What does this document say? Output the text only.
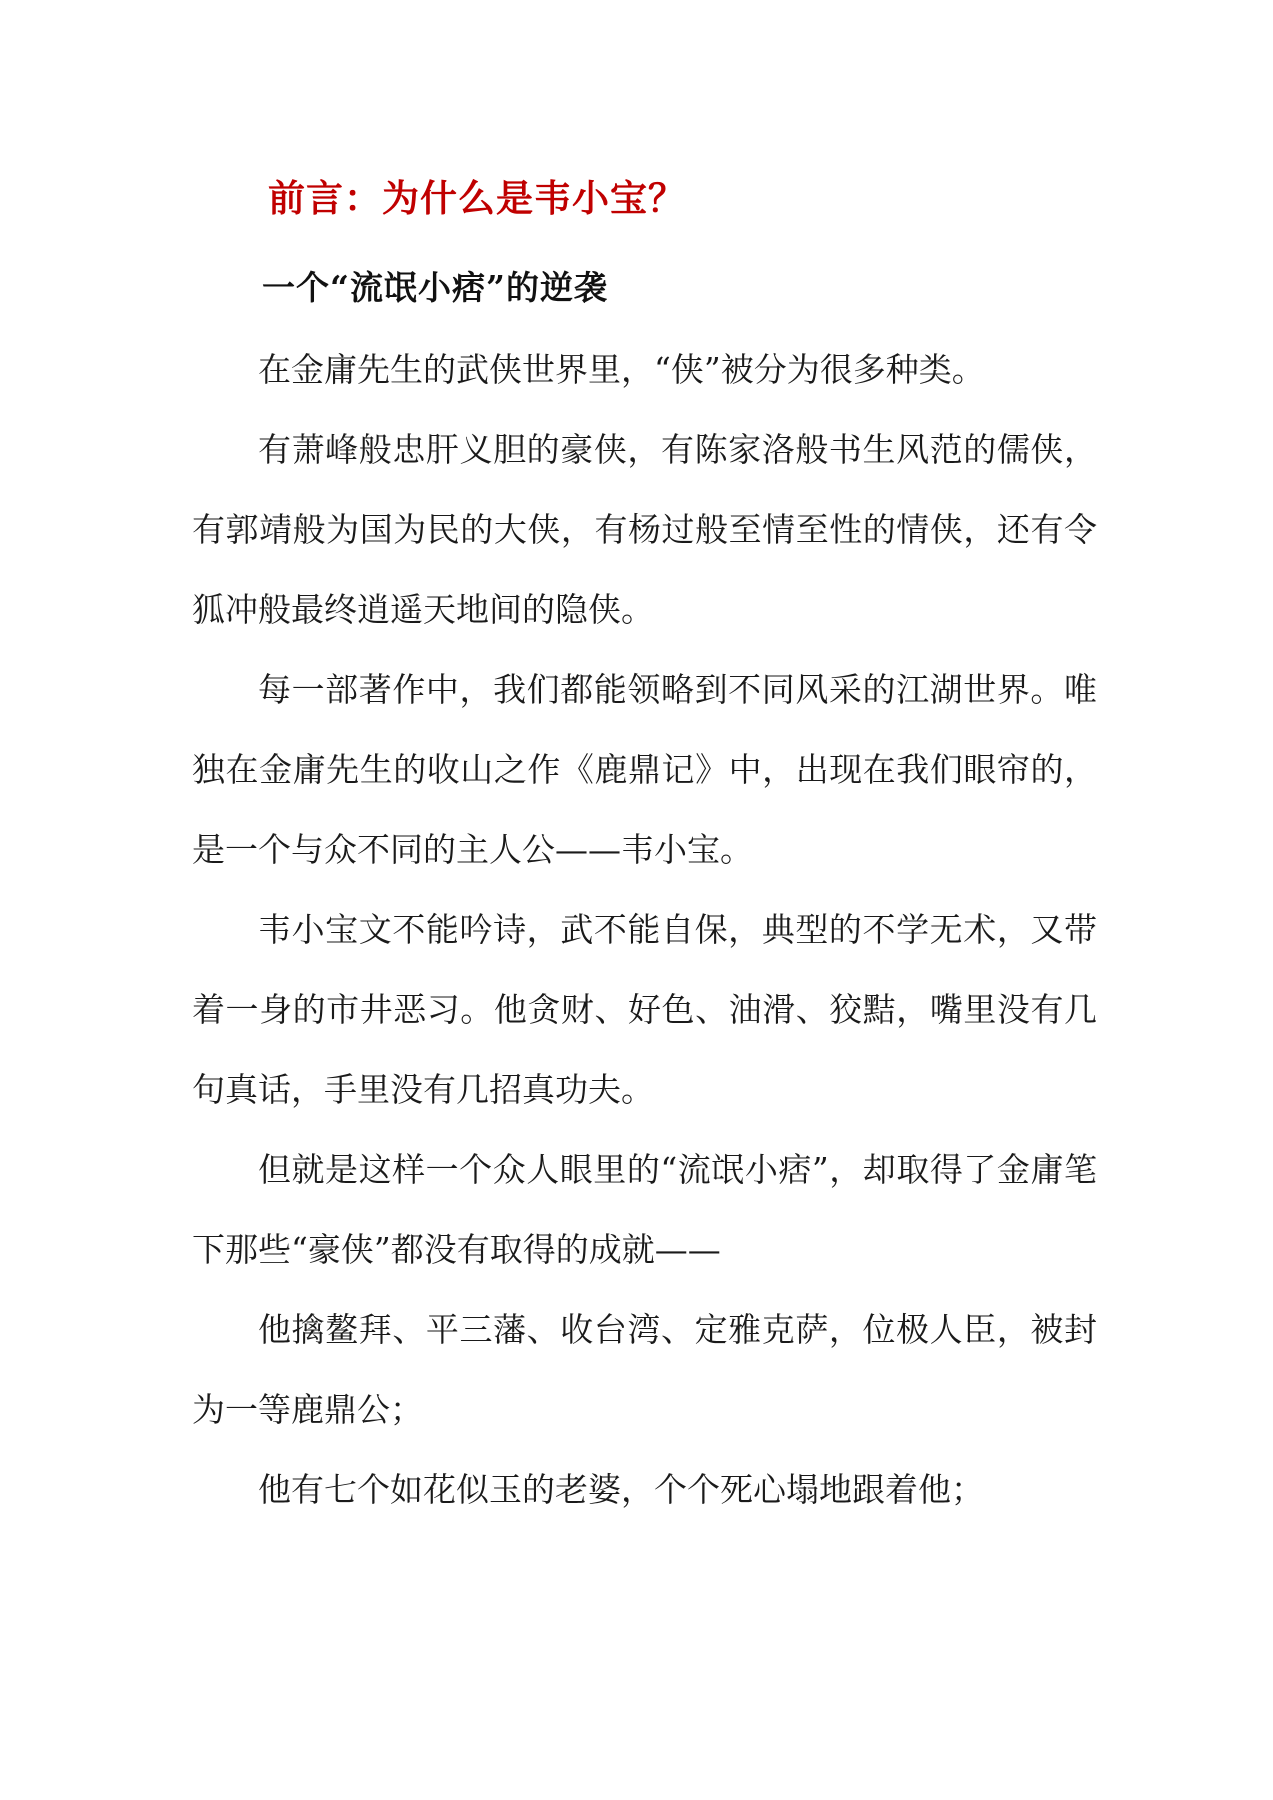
前言：为什么是韦小宝？
一个“流氓小痞”的逆袭

在金庸先生的武侠世界里，“侠”被分为很多种类。

有萧峰般忠肝义胆的豪侠，有陈家洛般书生风范的儒侠，有郭靖般为国为民的大侠，有杨过般至情至性的情侠，还有令狐冲般最终逍遥天地间的隐侠。

每一部著作中，我们都能领略到不同风采的江湖世界。唯独在金庸先生的收山之作《鹿鼎记》中，出现在我们眼帘的，是一个与众不同的主人公——韦小宝。

韦小宝文不能吟诗，武不能自保，典型的不学无术，又带着一身的市井恶习。他贪财、好色、油滑、狡黠，嘴里没有几句真话，手里没有几招真功夫。

但就是这样一个众人眼里的“流氓小痞”，却取得了金庸笔下那些“豪侠”都没有取得的成就——

他擒鳌拜、平三藩、收台湾、定雅克萨，位极人臣，被封为一等鹿鼎公；

他有七个如花似玉的老婆，个个死心塌地跟着他；
